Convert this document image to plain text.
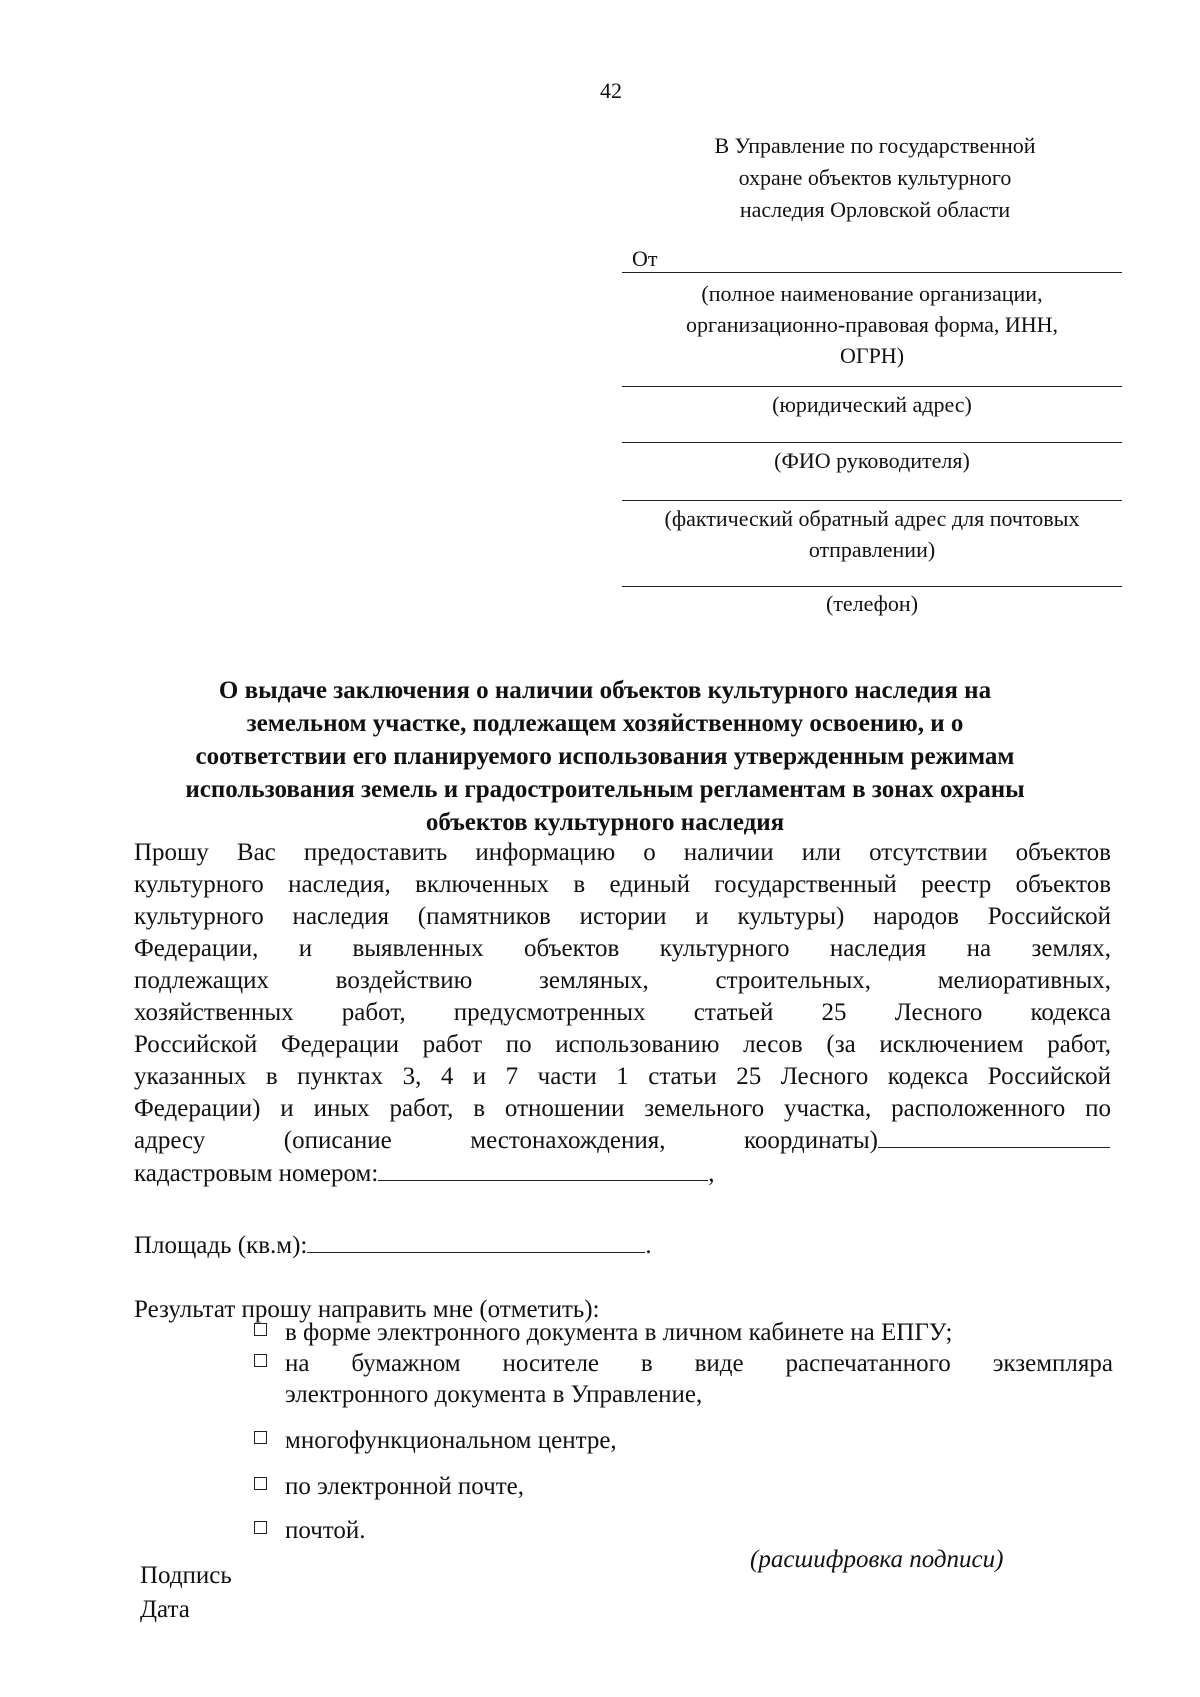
42
В Управление по государственной
охране объектов культурного
наследия Орловской области
От
(полное наименование организации,
организационно-правовая форма, ИНН,
ОГРН)
(юридический адрес)
(ФИО руководителя)
(фактический обратный адрес для почтовых
отправлении)
(телефон)
О выдаче заключения о наличии объектов культурного наследия на
земельном участке, подлежащем хозяйственному освоению, и о
соответствии его планируемого использования утвержденным режимам
использования земель и градостроительным регламентам в зонах охраны
объектов культурного наследия
Прошу Вас предоставить информацию о наличии или отсутствии объектов
культурного наследия, включенных в единый государственный реестр объектов
культурного наследия (памятников истории и культуры) народов Российской
Федерации, и выявленных объектов культурного наследия на землях,
подлежащих воздействию земляных, строительных, мелиоративных,
хозяйственных работ, предусмотренных статьей 25 Лесного кодекса
Российской Федерации работ по использованию лесов (за исключением работ,
указанных в пунктах 3, 4 и 7 части 1 статьи 25 Лесного кодекса Российской
Федерации) и иных работ, в отношении земельного участка, расположенного по
адресу (описание местонахождения, координаты)
кадастровым номером:	,
Площадь (кв.м):	.
Результат прошу направить мне (отметить):
в форме электронного документа в личном кабинете на ЕПГУ;
на бумажном носителе в виде распечатанного экземпляра
электронного документа в Управление,
многофункциональном центре,
по электронной почте,
почтой.
Подпись
(расшифровка подписи)
Дата
